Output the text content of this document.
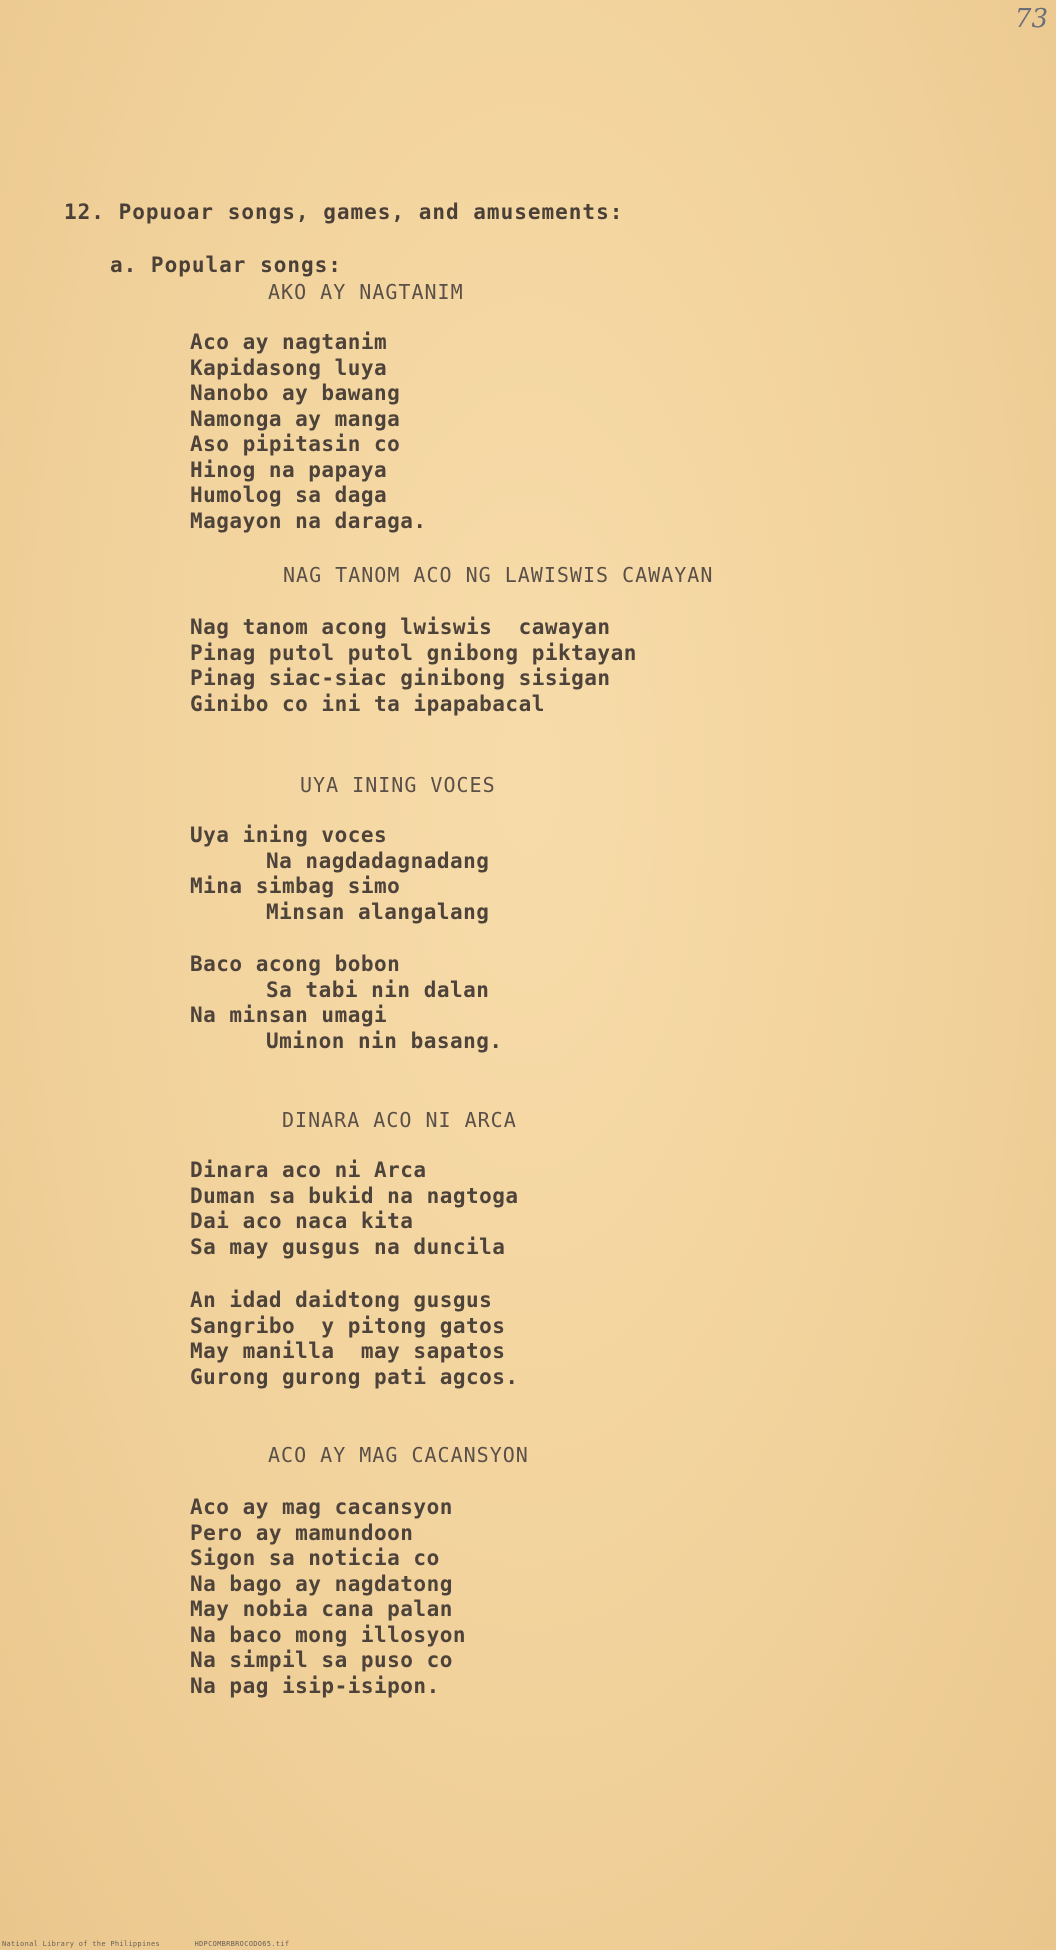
73
12. Popuoar songs, games, and amusements:
a. Popular songs:
AKO AY NAGTANIM
Aco ay nagtanim
Kapidasong luya
Nanobo ay bawang
Namonga ay manga
Aso pipitasin co
Hinog na papaya
Humolog sa daga
Magayon na daraga.
NAG TANOM ACO NG LAWISWIS CAWAYAN
Nag tanom acong lwiswis  cawayan
Pinag putol putol gnibong piktayan
Pinag siac-siac ginibong sisigan
Ginibo co ini ta ipapabacal
UYA INING VOCES
Uya ining voces
Na nagdadagnadang
Mina simbag simo
Minsan alangalang
Baco acong bobon
Sa tabi nin dalan
Na minsan umagi
Uminon nin basang.
DINARA ACO NI ARCA
Dinara aco ni Arca
Duman sa bukid na nagtoga
Dai aco naca kita
Sa may gusgus na duncila
An idad daidtong gusgus
Sangribo  y pitong gatos
May manilla  may sapatos
Gurong gurong pati agcos.
ACO AY MAG CACANSYON
Aco ay mag cacansyon
Pero ay mamundoon
Sigon sa noticia co
Na bago ay nagdatong
May nobia cana palan
Na baco mong illosyon
Na simpil sa puso co
Na pag isip-isipon.
National Library of the Philippines	HDPCOMBRBROCODO65.tif
